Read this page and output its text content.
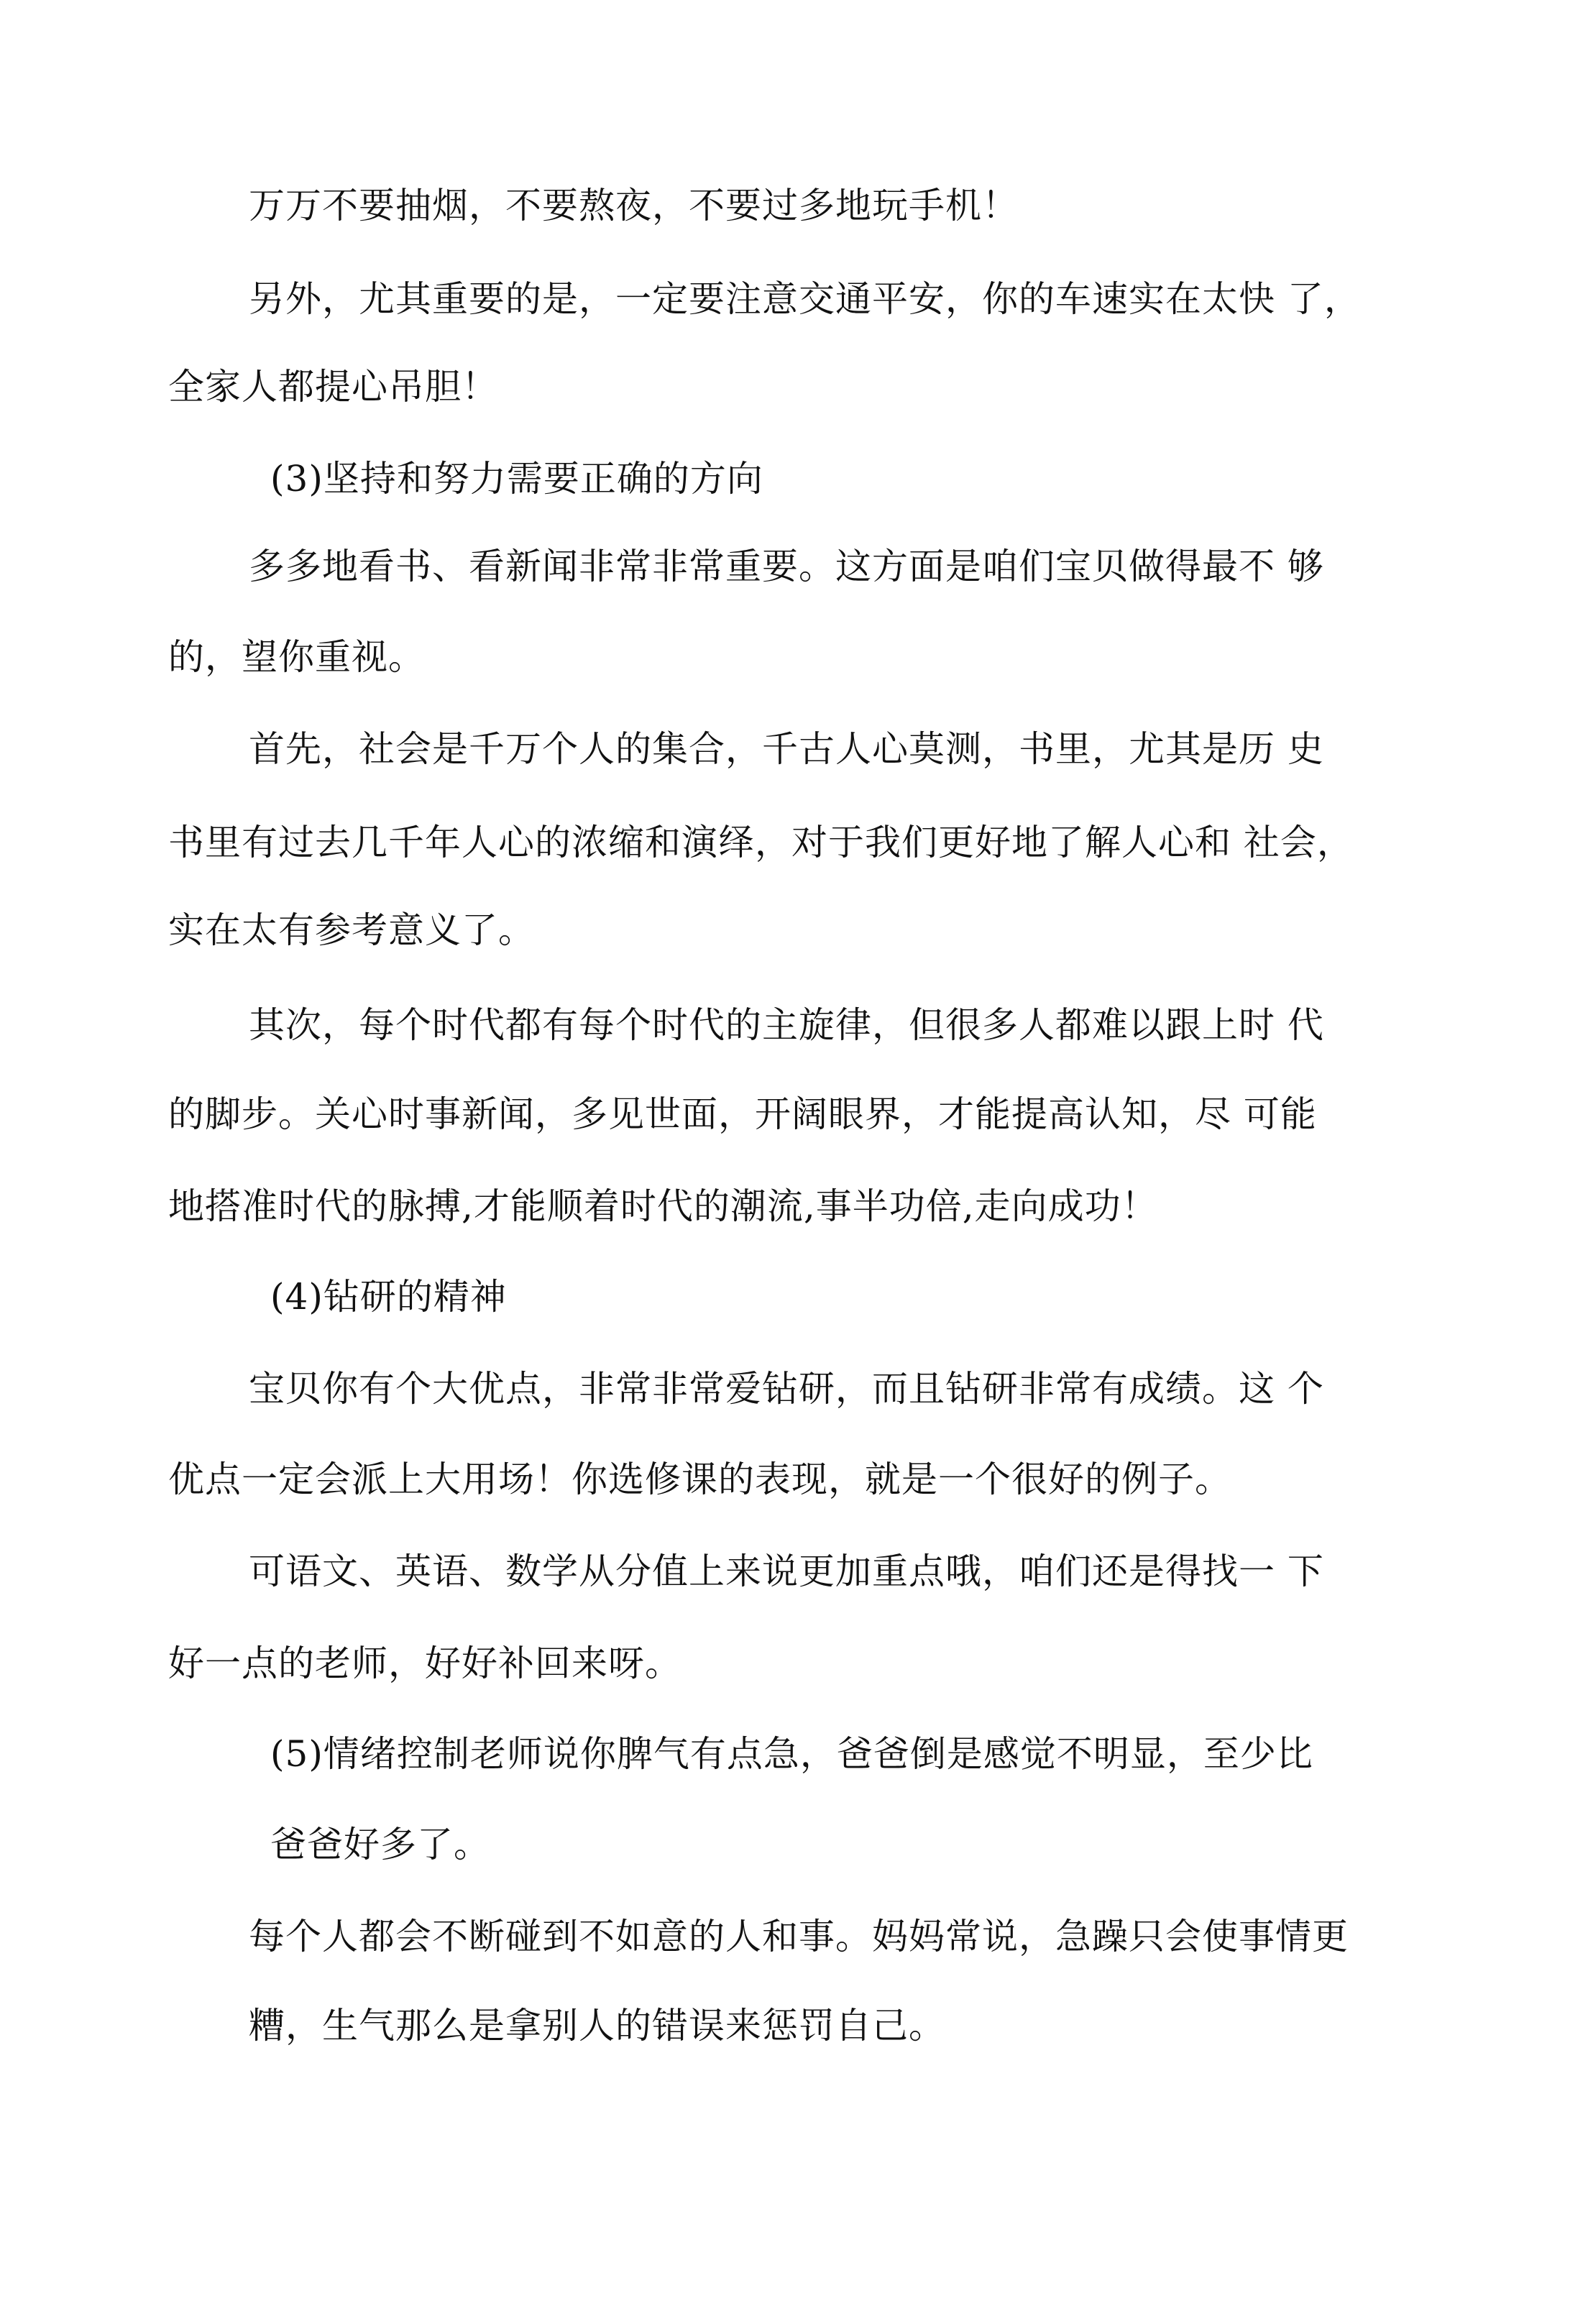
万万不要抽烟，不要熬夜，不要过多地玩手机！
另外，尤其重要的是，一定要注意交通平安，你的车速实在太快 了，
全家人都提心吊胆！
(3)坚持和努力需要正确的方向
多多地看书、看新闻非常非常重要。这方面是咱们宝贝做得最不 够
的，望你重视。
首先，社会是千万个人的集合，千古人心莫测，书里，尤其是历 史
书里有过去几千年人心的浓缩和演绎，对于我们更好地了解人心和 社会，
实在太有参考意义了。
其次，每个时代都有每个时代的主旋律，但很多人都难以跟上时 代
的脚步。关心时事新闻，多见世面，开阔眼界，才能提高认知，尽 可能
地搭准时代的脉搏,才能顺着时代的潮流,事半功倍,走向成功！
(4)钻研的精神
宝贝你有个大优点，非常非常爱钻研，而且钻研非常有成绩。这 个
优点一定会派上大用场！你选修课的表现，就是一个很好的例子。
可语文、英语、数学从分值上来说更加重点哦，咱们还是得找一 下
好一点的老师，好好补回来呀。
(5)情绪控制老师说你脾气有点急，爸爸倒是感觉不明显，至少比
爸爸好多了。
每个人都会不断碰到不如意的人和事。妈妈常说，急躁只会使事情更
糟，生气那么是拿别人的错误来惩罚自己。
